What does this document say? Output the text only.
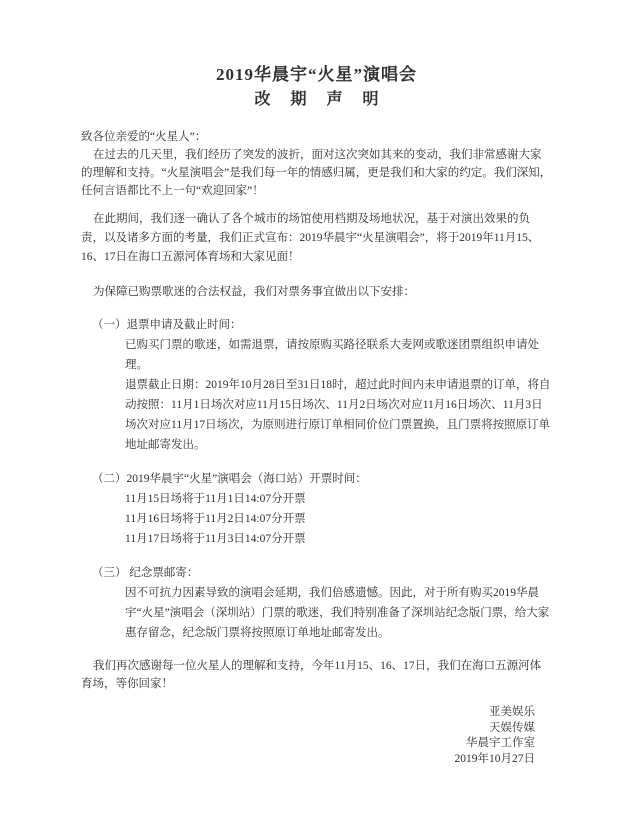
2019华晨宇“火星”演唱会
改 期 声 明

致各位亲爱的“火星人”：

在过去的几天里，我们经历了突发的波折，面对这次突如其来的变动，我们非常感谢大家的理解和支持。“火星演唱会”是我们每一年的情感归属，更是我们和大家的约定。我们深知，任何言语都比不上一句“欢迎回家”！

在此期间，我们逐一确认了各个城市的场馆使用档期及场地状况，基于对演出效果的负责，以及诸多方面的考量，我们正式宣布：2019华晨宇“火星演唱会”，将于2019年11月15、16、17日在海口五源河体育场和大家见面！

为保障已购票歌迷的合法权益，我们对票务事宜做出以下安排：

（一）退票申请及截止时间：

已购买门票的歌迷，如需退票，请按原购买路径联系大麦网或歌迷团票组织申请处理。

退票截止日期：2019年10月28日至31日18时，超过此时间内未申请退票的订单，将自动按照：11月1日场次对应11月15日场次、11月2日场次对应11月16日场次、11月3日场次对应11月17日场次，为原则进行原订单相同价位门票置换，且门票将按照原订单地址邮寄发出。

（二）2019华晨宇“火星”演唱会（海口站）开票时间：

11月15日场将于11月1日14:07分开票

11月16日场将于11月2日14:07分开票

11月17日场将于11月3日14:07分开票

（三） 纪念票邮寄：

因不可抗力因素导致的演唱会延期，我们倍感遗憾。因此，对于所有购买2019华晨宇“火星”演唱会（深圳站）门票的歌迷，我们特别准备了深圳站纪念版门票，给大家惠存留念，纪念版门票将按照原订单地址邮寄发出。

我们再次感谢每一位火星人的理解和支持，今年11月15、16、17日，我们在海口五源河体育场，等你回家！

亚美娱乐

天娱传媒

华晨宇工作室

2019年10月27日
